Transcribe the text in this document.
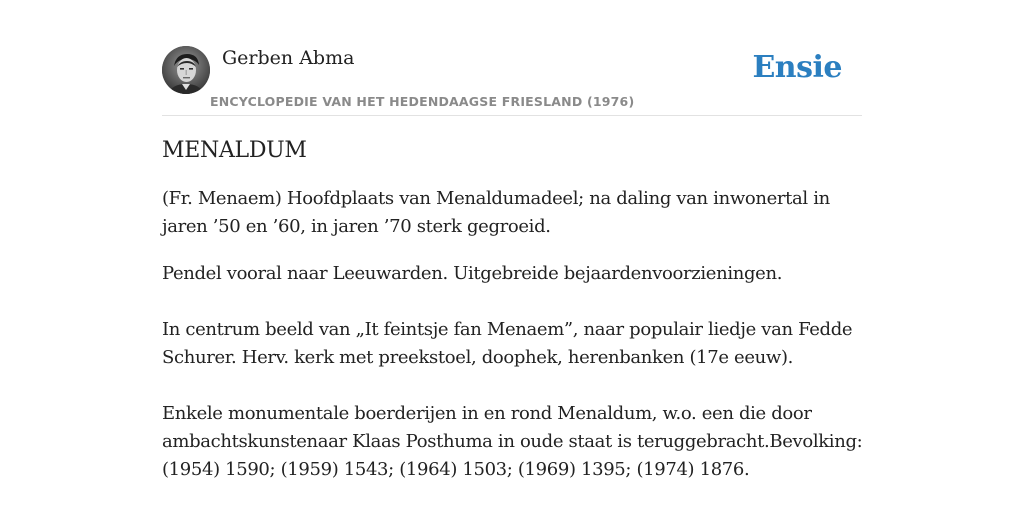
Gerben Abma
ENCYCLOPEDIE VAN HET HEDENDAAGSE FRIESLAND (1976)
Ensie
MENALDUM

(Fr. Menaem) Hoofdplaats van Menaldumadeel; na daling van inwonertal in jaren ’50 en ’60, in jaren ’70 sterk gegroeid.

Pendel vooral naar Leeuwarden. Uitgebreide bejaardenvoorzieningen.

In centrum beeld van „It feintsje fan Menaem”, naar populair liedje van Fedde Schurer. Herv. kerk met preekstoel, doophek, herenbanken (17e eeuw).

Enkele monumentale boerderijen in en rond Menaldum, w.o. een die door ambachtskunstenaar Klaas Posthuma in oude staat is teruggebracht.Bevolking: (1954) 1590; (1959) 1543; (1964) 1503; (1969) 1395; (1974) 1876.
